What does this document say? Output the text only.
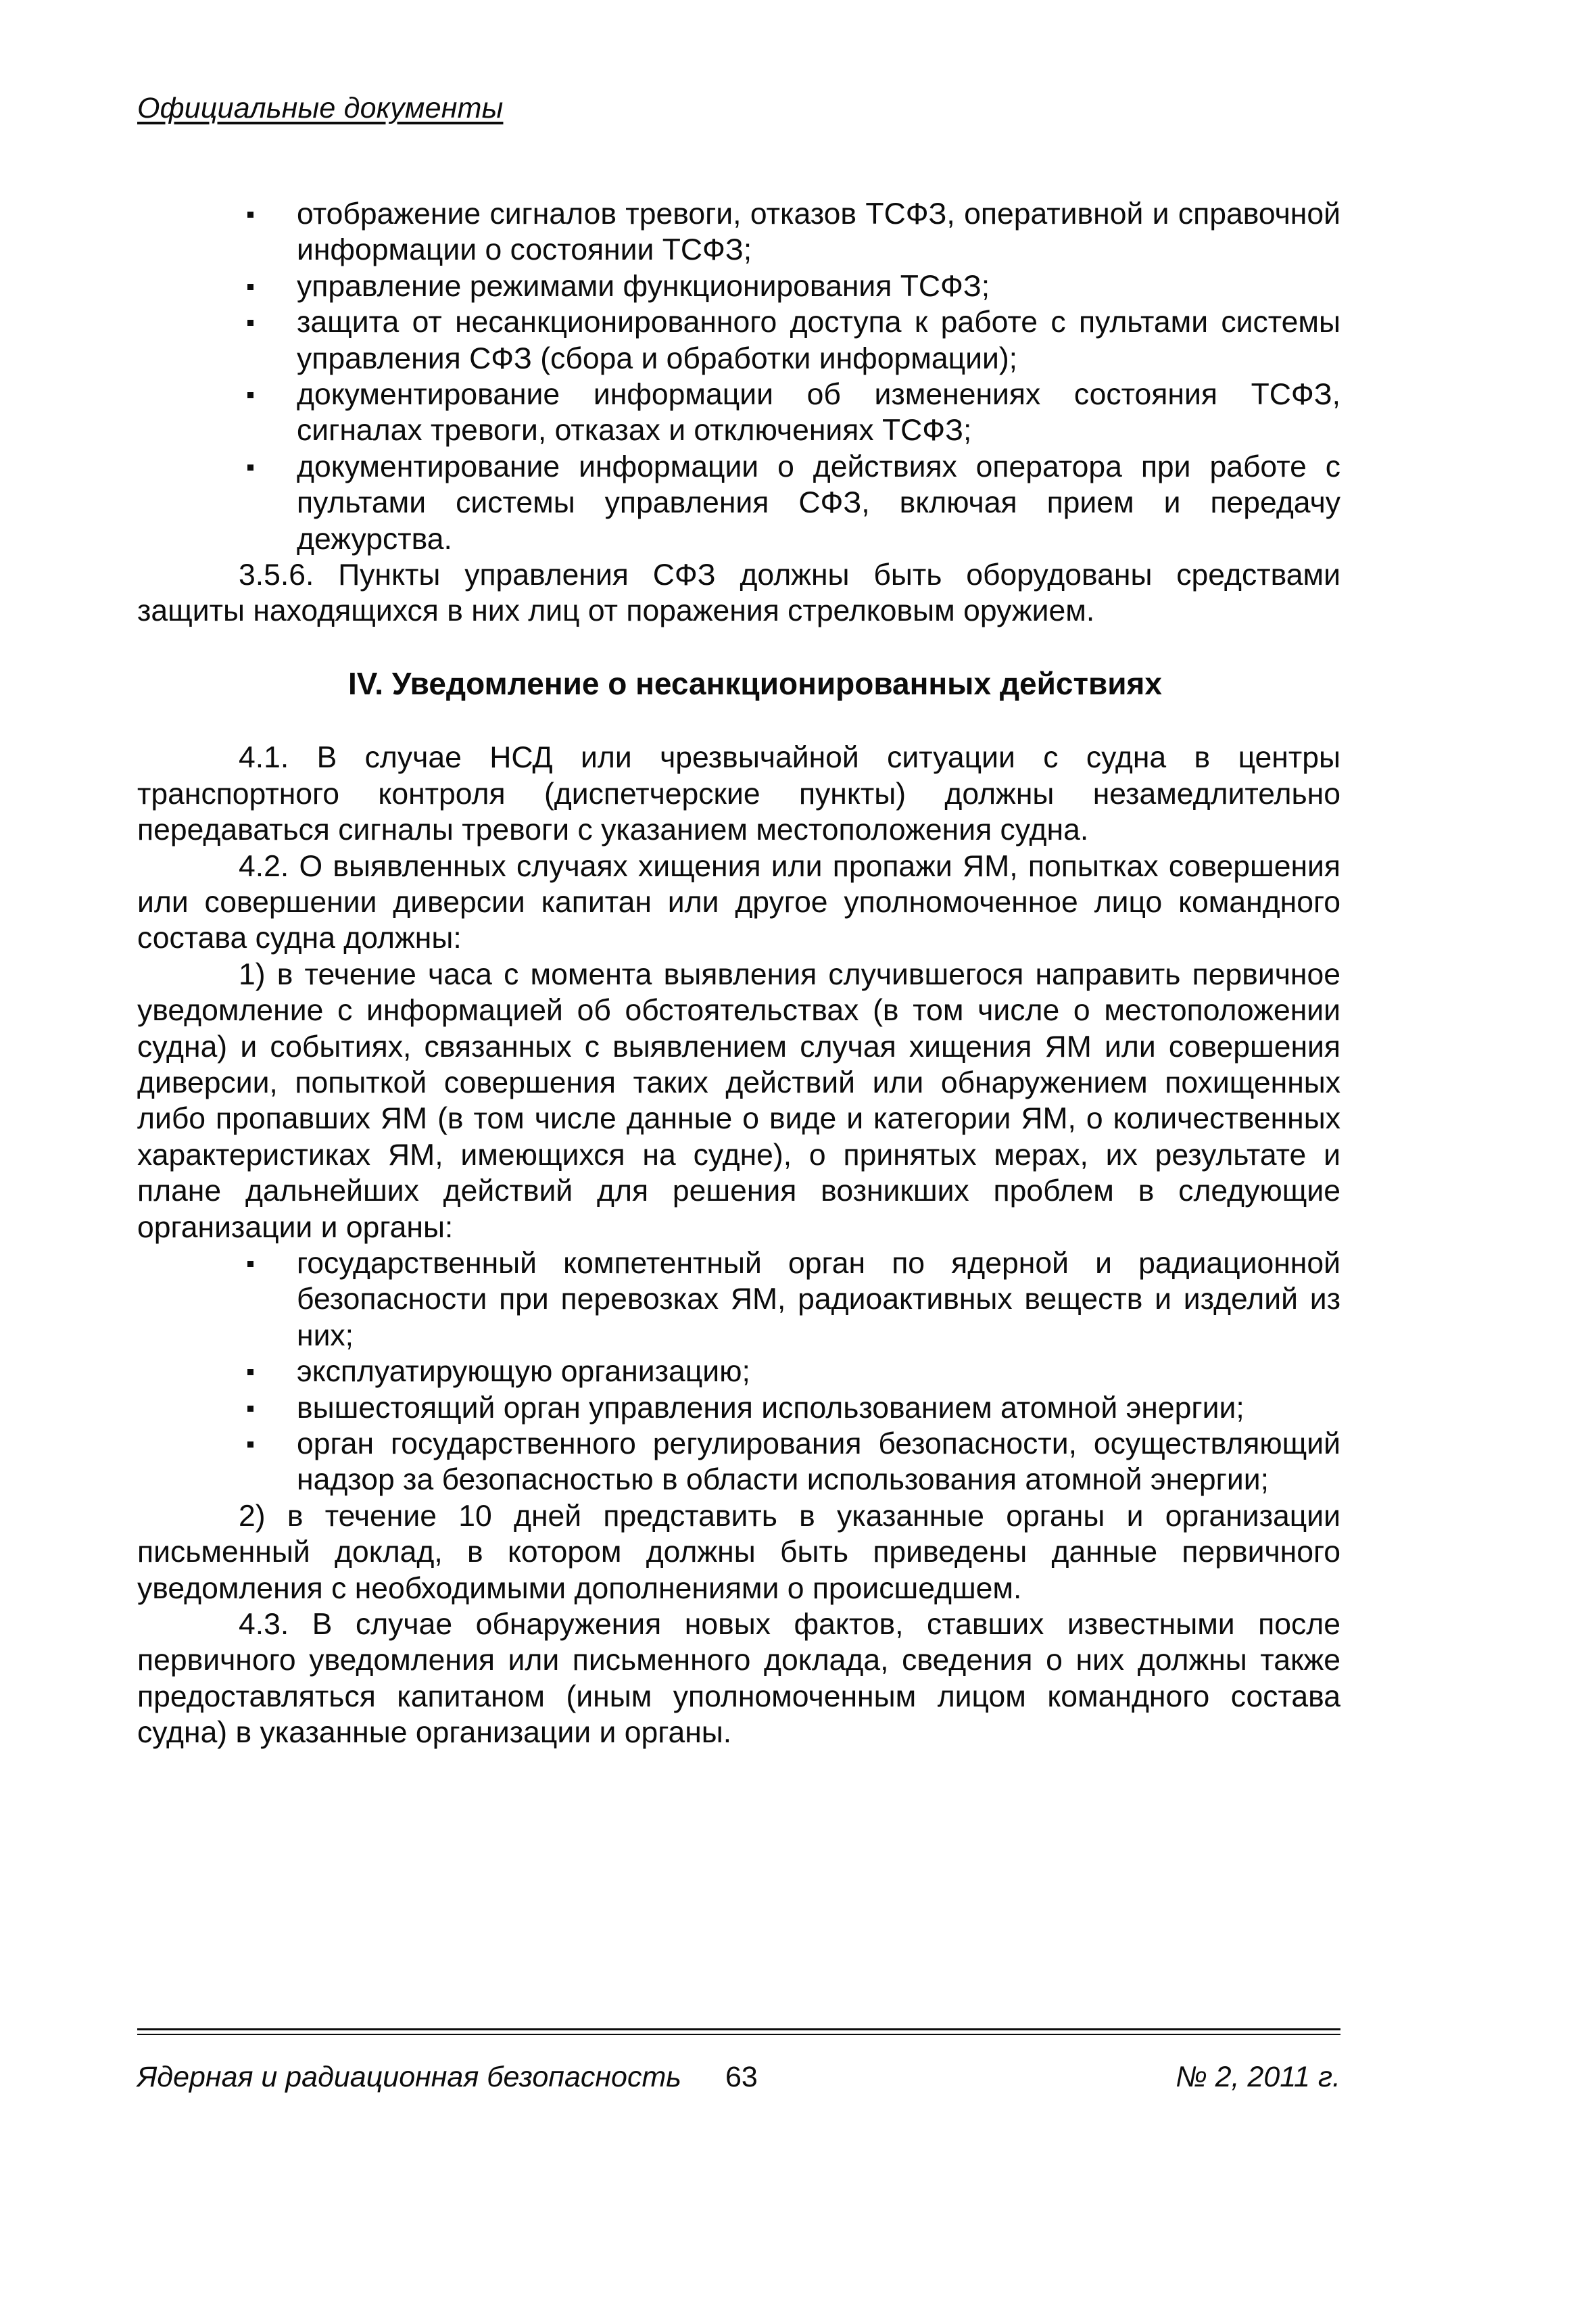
Официальные документы
отображение сигналов тревоги, отказов ТСФЗ, оперативной и справочной информации о состоянии ТСФЗ;
управление режимами функционирования ТСФЗ;
защита от несанкционированного доступа к работе с пультами системы управления СФЗ (сбора и обработки информации);
документирование информации об изменениях состояния ТСФЗ, сигналах тревоги, отказах и отключениях ТСФЗ;
документирование информации о действиях оператора при работе с пультами системы управления СФЗ, включая прием и передачу дежурства.

3.5.6. Пункты управления СФЗ должны быть оборудованы средствами защиты находящихся в них лиц от поражения стрелковым оружием.

IV. Уведомление о несанкционированных действиях

4.1. В случае НСД или чрезвычайной ситуации с судна в центры транспортного контроля (диспетчерские пункты) должны незамедлительно передаваться сигналы тревоги с указанием местоположения судна.

4.2. О выявленных случаях хищения или пропажи ЯМ, попытках совершения или совершении диверсии капитан или другое уполномоченное лицо командного состава судна должны:

1) в течение часа с момента выявления случившегося направить первичное уведомление с информацией об обстоятельствах (в том числе о местоположении судна) и событиях, связанных с выявлением случая хищения ЯМ или совершения диверсии, попыткой совершения таких действий или обнаружением похищенных либо пропавших ЯМ (в том числе данные о виде и категории ЯМ, о количественных характеристиках ЯМ, имеющихся на судне), о принятых мерах, их результате и плане дальнейших действий для решения возникших проблем в следующие организации и органы:

государственный компетентный орган по ядерной и радиационной безопасности при перевозках ЯМ, радиоактивных веществ и изделий из них;
эксплуатирующую организацию;
вышестоящий орган управления использованием атомной энергии;
орган государственного регулирования безопасности, осуществляющий надзор за безопасностью в области использования атомной энергии;

2) в течение 10 дней представить в указанные органы и организации письменный доклад, в котором должны быть приведены данные первичного уведомления с необходимыми дополнениями о происшедшем.

4.3. В случае обнаружения новых фактов, ставших известными после первичного уведомления или письменного доклада, сведения о них должны также предоставляться капитаном (иным уполномоченным лицом командного состава судна) в указанные организации и органы.

Ядерная и радиационная безопасность 63	№ 2, 2011 г.
